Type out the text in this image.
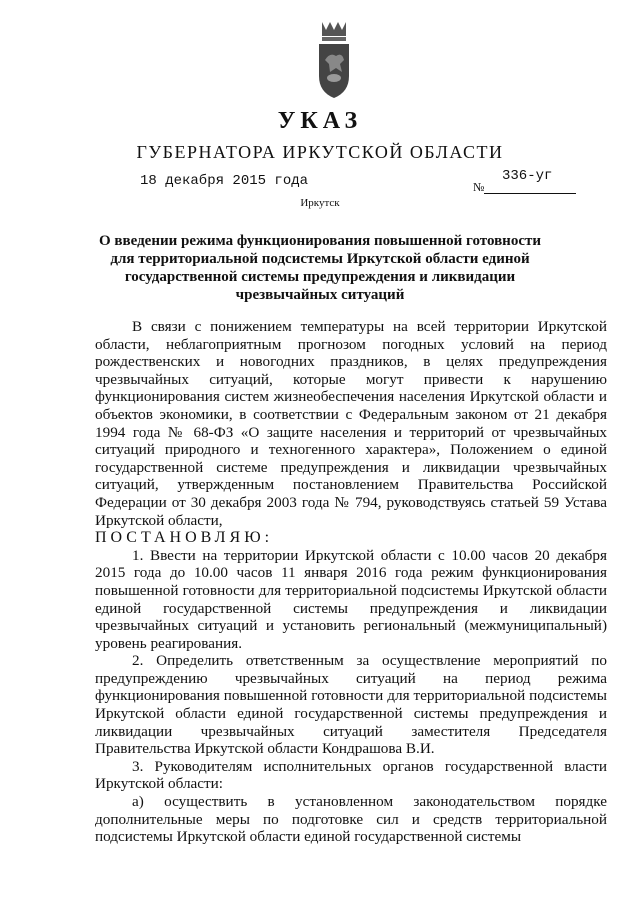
УКАЗ
ГУБЕРНАТОРА ИРКУТСКОЙ ОБЛАСТИ
18 декабря 2015 года	№
336-уг
Иркутск
О введении режима функционирования повышенной готовности для территориальной подсистемы Иркутской области единой государственной системы предупреждения и ликвидации чрезвычайных ситуаций

В связи с понижением температуры на всей территории Иркутской области, неблагоприятным прогнозом погодных условий на период рождественских и новогодних праздников, в целях предупреждения чрезвычайных ситуаций, которые могут привести к нарушению функционирования систем жизнеобеспечения населения Иркутской области и объектов экономики, в соответствии с Федеральным законом от 21 декабря 1994 года № 68-ФЗ «О защите населения и территорий от чрезвычайных ситуаций природного и техногенного характера», Положением о единой государственной системе предупреждения и ликвидации чрезвычайных ситуаций, утвержденным постановлением Правительства Российской Федерации от 30 декабря 2003 года № 794, руководствуясь статьей 59 Устава Иркутской области,

ПОСТАНОВЛЯЮ:

1. Ввести на территории Иркутской области с 10.00 часов 20 декабря 2015 года до 10.00 часов 11 января 2016 года режим функционирования повышенной готовности для территориальной подсистемы Иркутской области единой государственной системы предупреждения и ликвидации чрезвычайных ситуаций и установить региональный (межмуниципальный) уровень реагирования.

2. Определить ответственным за осуществление мероприятий по предупреждению чрезвычайных ситуаций на период режима функционирования повышенной готовности для территориальной подсистемы Иркутской области единой государственной системы предупреждения и ликвидации чрезвычайных ситуаций заместителя Председателя Правительства Иркутской области Кондрашова В.И.

3. Руководителям исполнительных органов государственной власти Иркутской области:

а) осуществить в установленном законодательством порядке дополнительные меры по подготовке сил и средств территориальной подсистемы Иркутской области единой государственной системы
